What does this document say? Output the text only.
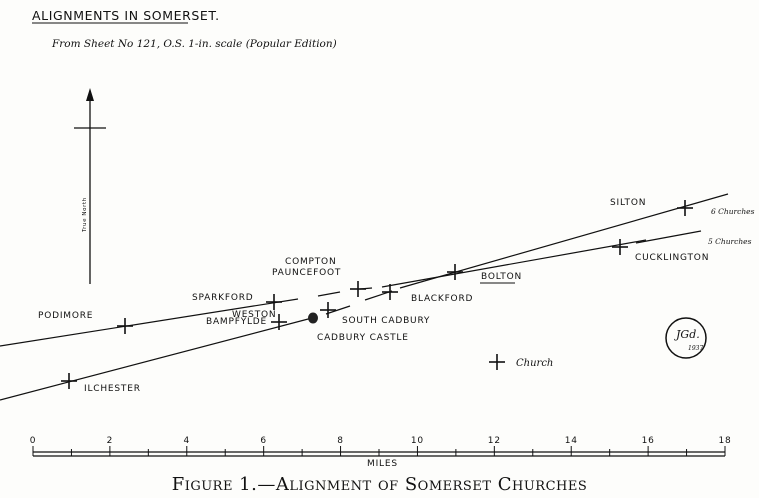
ALIGNMENTS IN SOMERSET.
From Sheet No 121, O.S. 1-in. scale (Popular Edition)
True North
PODIMORE
ILCHESTER
SPARKFORD
WESTON
BAMPFYLDE
COMPTON
PAUNCEFOOT
SOUTH CADBURY
CADBURY CASTLE
BLACKFORD
BOLTON
SILTON
CUCKLINGTON
6 Churches
5 Churches
Church
JGd.
1937
0	2	4	6	8	10	12	14	16	18
MILES
Figure 1.—Alignment of Somerset Churches
